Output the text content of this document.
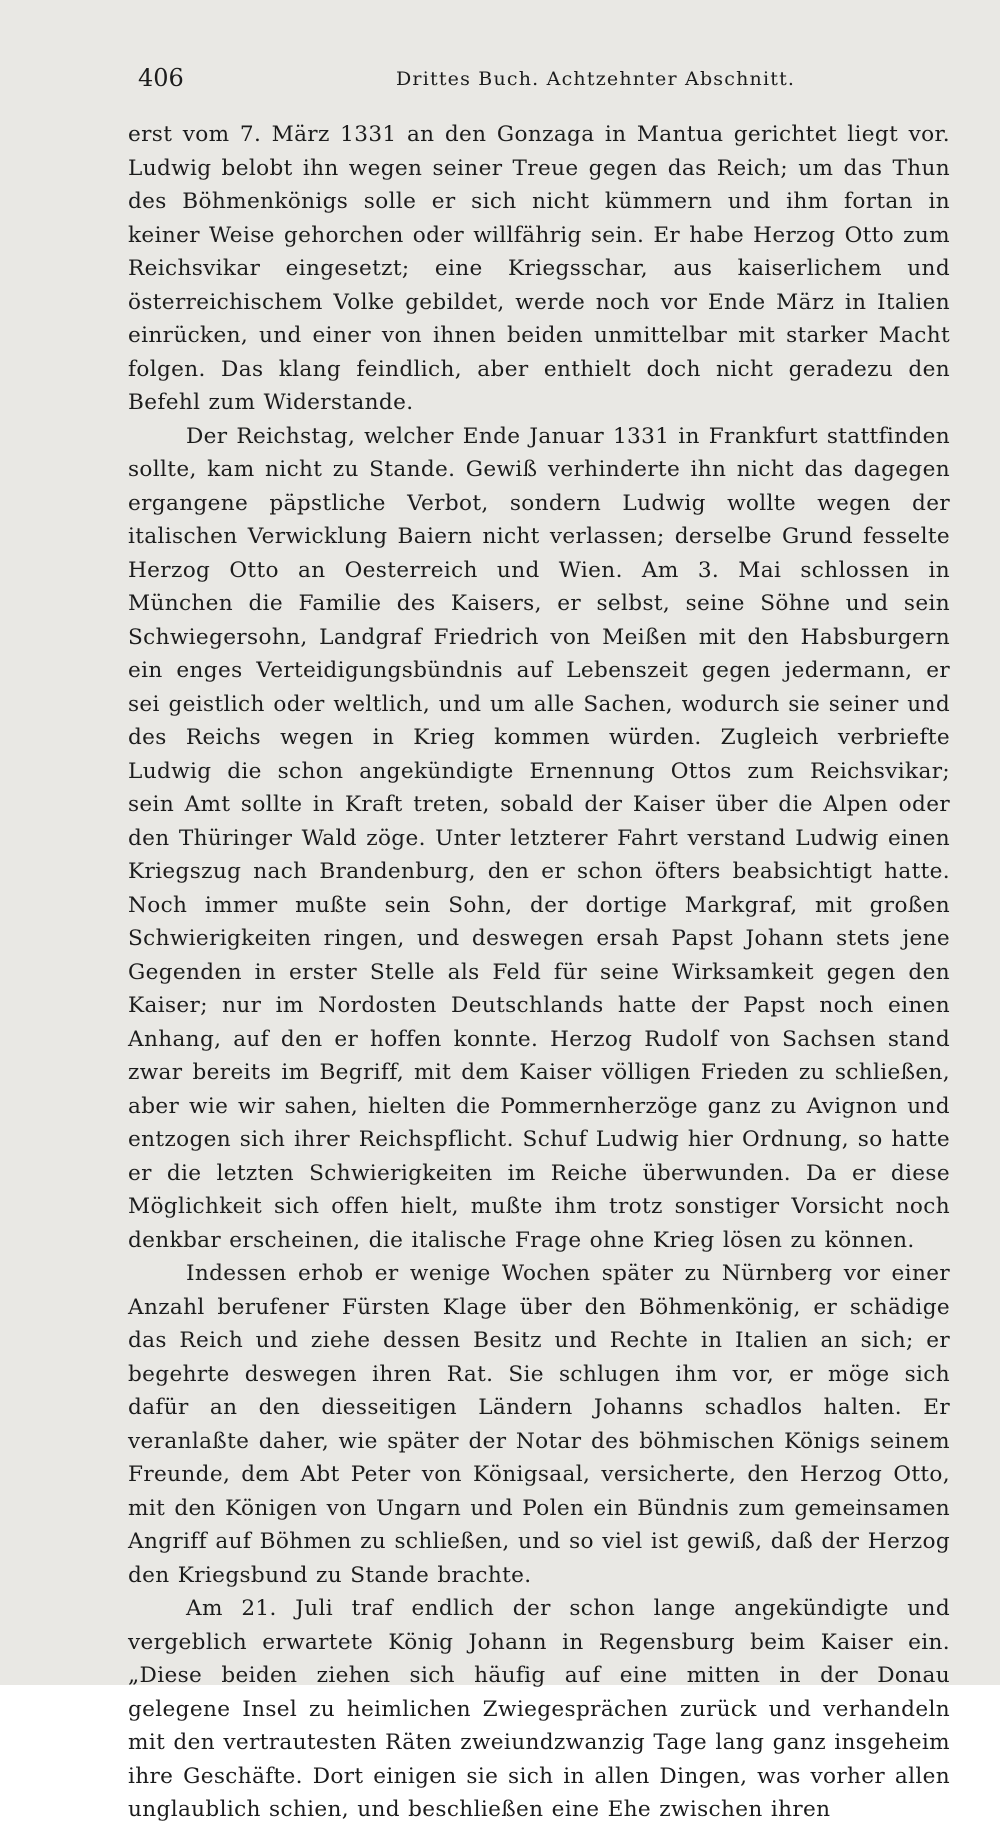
406	Drittes Buch. Achtzehnter Abschnitt.

erst vom 7. März 1331 an den Gonzaga in Mantua gerichtet liegt vor. Ludwig belobt ihn wegen seiner Treue gegen das Reich; um das Thun des Böhmenkönigs solle er sich nicht kümmern und ihm fortan in keiner Weise gehorchen oder willfährig sein. Er habe Herzog Otto zum Reichsvikar eingesetzt; eine Kriegsschar, aus kaiserlichem und österreichischem Volke gebildet, werde noch vor Ende März in Italien einrücken, und einer von ihnen beiden unmittelbar mit starker Macht folgen. Das klang feindlich, aber enthielt doch nicht geradezu den Befehl zum Widerstande.

Der Reichstag, welcher Ende Januar 1331 in Frankfurt stattfinden sollte, kam nicht zu Stande. Gewiß verhinderte ihn nicht das dagegen ergangene päpstliche Verbot, sondern Ludwig wollte wegen der italischen Verwicklung Baiern nicht verlassen; derselbe Grund fesselte Herzog Otto an Oesterreich und Wien. Am 3. Mai schlossen in München die Familie des Kaisers, er selbst, seine Söhne und sein Schwiegersohn, Landgraf Friedrich von Meißen mit den Habsburgern ein enges Verteidigungsbündnis auf Lebenszeit gegen jedermann, er sei geistlich oder weltlich, und um alle Sachen, wodurch sie seiner und des Reichs wegen in Krieg kommen würden. Zugleich verbriefte Ludwig die schon angekündigte Ernennung Ottos zum Reichsvikar; sein Amt sollte in Kraft treten, sobald der Kaiser über die Alpen oder den Thüringer Wald zöge. Unter letzterer Fahrt verstand Ludwig einen Kriegszug nach Brandenburg, den er schon öfters beabsichtigt hatte. Noch immer mußte sein Sohn, der dortige Markgraf, mit großen Schwierigkeiten ringen, und deswegen ersah Papst Johann stets jene Gegenden in erster Stelle als Feld für seine Wirksamkeit gegen den Kaiser; nur im Nordosten Deutschlands hatte der Papst noch einen Anhang, auf den er hoffen konnte. Herzog Rudolf von Sachsen stand zwar bereits im Begriff, mit dem Kaiser völligen Frieden zu schließen, aber wie wir sahen, hielten die Pommernherzöge ganz zu Avignon und entzogen sich ihrer Reichspflicht. Schuf Ludwig hier Ordnung, so hatte er die letzten Schwierigkeiten im Reiche überwunden. Da er diese Möglichkeit sich offen hielt, mußte ihm trotz sonstiger Vorsicht noch denkbar erscheinen, die italische Frage ohne Krieg lösen zu können.

Indessen erhob er wenige Wochen später zu Nürnberg vor einer Anzahl berufener Fürsten Klage über den Böhmenkönig, er schädige das Reich und ziehe dessen Besitz und Rechte in Italien an sich; er begehrte deswegen ihren Rat. Sie schlugen ihm vor, er möge sich dafür an den diesseitigen Ländern Johanns schadlos halten. Er veranlaßte daher, wie später der Notar des böhmischen Königs seinem Freunde, dem Abt Peter von Königsaal, versicherte, den Herzog Otto, mit den Königen von Ungarn und Polen ein Bündnis zum gemeinsamen Angriff auf Böhmen zu schließen, und so viel ist gewiß, daß der Herzog den Kriegsbund zu Stande brachte.

Am 21. Juli traf endlich der schon lange angekündigte und vergeblich erwartete König Johann in Regensburg beim Kaiser ein. „Diese beiden ziehen sich häufig auf eine mitten in der Donau gelegene Insel zu heimlichen Zwiegesprächen zurück und verhandeln mit den vertrautesten Räten zweiundzwanzig Tage lang ganz insgeheim ihre Geschäfte. Dort einigen sie sich in allen Dingen, was vorher allen unglaublich schien, und beschließen eine Ehe zwischen ihren
